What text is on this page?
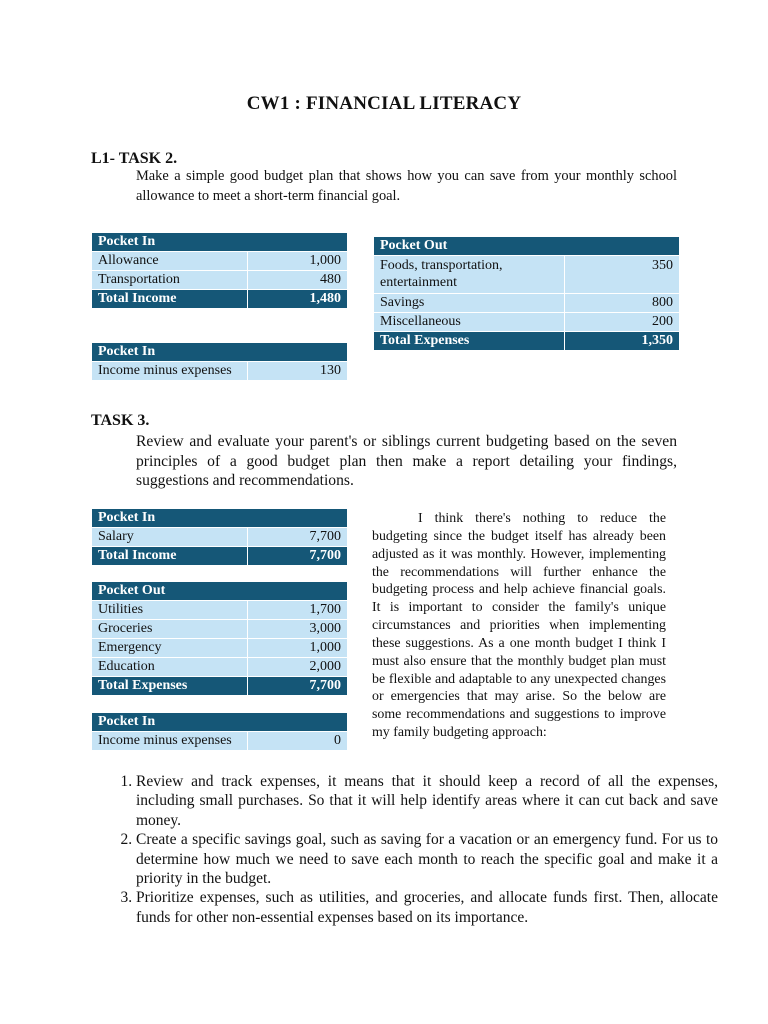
CW1 : FINANCIAL LITERACY
L1- TASK 2.
Make a simple good budget plan that shows how you can save from your monthly school allowance to meet a short-term financial goal.
Pocket In	
Allowance	1,000
Transportation	480
Total Income	1,480
Pocket Out	
Foods, transportation, entertainment	350
Savings	800
Miscellaneous	200
Total Expenses	1,350
Pocket In
Income minus expenses	130
TASK 3.
Review and evaluate your parent's or siblings current budgeting based on the seven principles of a good budget plan then make a report detailing your findings, suggestions and recommendations.
Pocket In	
Salary	7,700
Total Income	7,700
Pocket Out	
Utilities	1,700
Groceries	3,000
Emergency	1,000
Education	2,000
Total Expenses	7,700
Pocket In
Income minus expenses	0
I think there's nothing to reduce the budgeting since the budget itself has already been adjusted as it was monthly. However, implementing the recommendations will further enhance the budgeting process and help achieve financial goals. It is important to consider the family's unique circumstances and priorities when implementing these suggestions. As a one month budget I think I must also ensure that the monthly budget plan must be flexible and adaptable to any unexpected changes or emergencies that may arise. So the below are some recommendations and suggestions to improve my family budgeting approach:
1. Review and track expenses, it means that it should keep a record of all the expenses, including small purchases. So that it will help identify areas where it can cut back and save money.
2. Create a specific savings goal, such as saving for a vacation or an emergency fund. For us to determine how much we need to save each month to reach the specific goal and make it a priority in the budget.
3. Prioritize expenses, such as utilities, and groceries, and allocate funds first. Then, allocate funds for other non-essential expenses based on its importance.
